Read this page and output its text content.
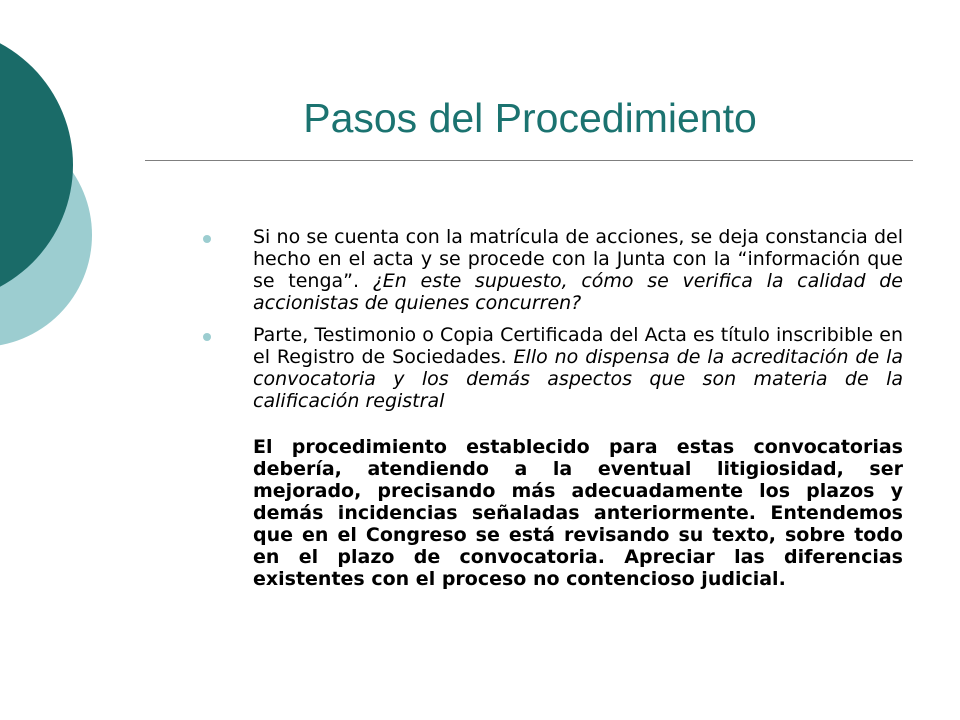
Pasos del Procedimiento

Si no se cuenta con la matrícula de acciones, se deja constancia del hecho en el acta y se procede con la Junta con la “información que se tenga”. ¿En este supuesto, cómo se verifica la calidad de accionistas de quienes concurren?

Parte, Testimonio o Copia Certificada del Acta es título inscribible en el Registro de Sociedades. Ello no dispensa de la acreditación de la convocatoria y los demás aspectos que son materia de la calificación registral

El procedimiento establecido para estas convocatorias debería, atendiendo a la eventual litigiosidad, ser mejorado, precisando más adecuadamente los plazos y demás incidencias señaladas anteriormente. Entendemos que en el Congreso se está revisando su texto, sobre todo en el plazo de convocatoria. Apreciar las diferencias existentes con el proceso no contencioso judicial.
